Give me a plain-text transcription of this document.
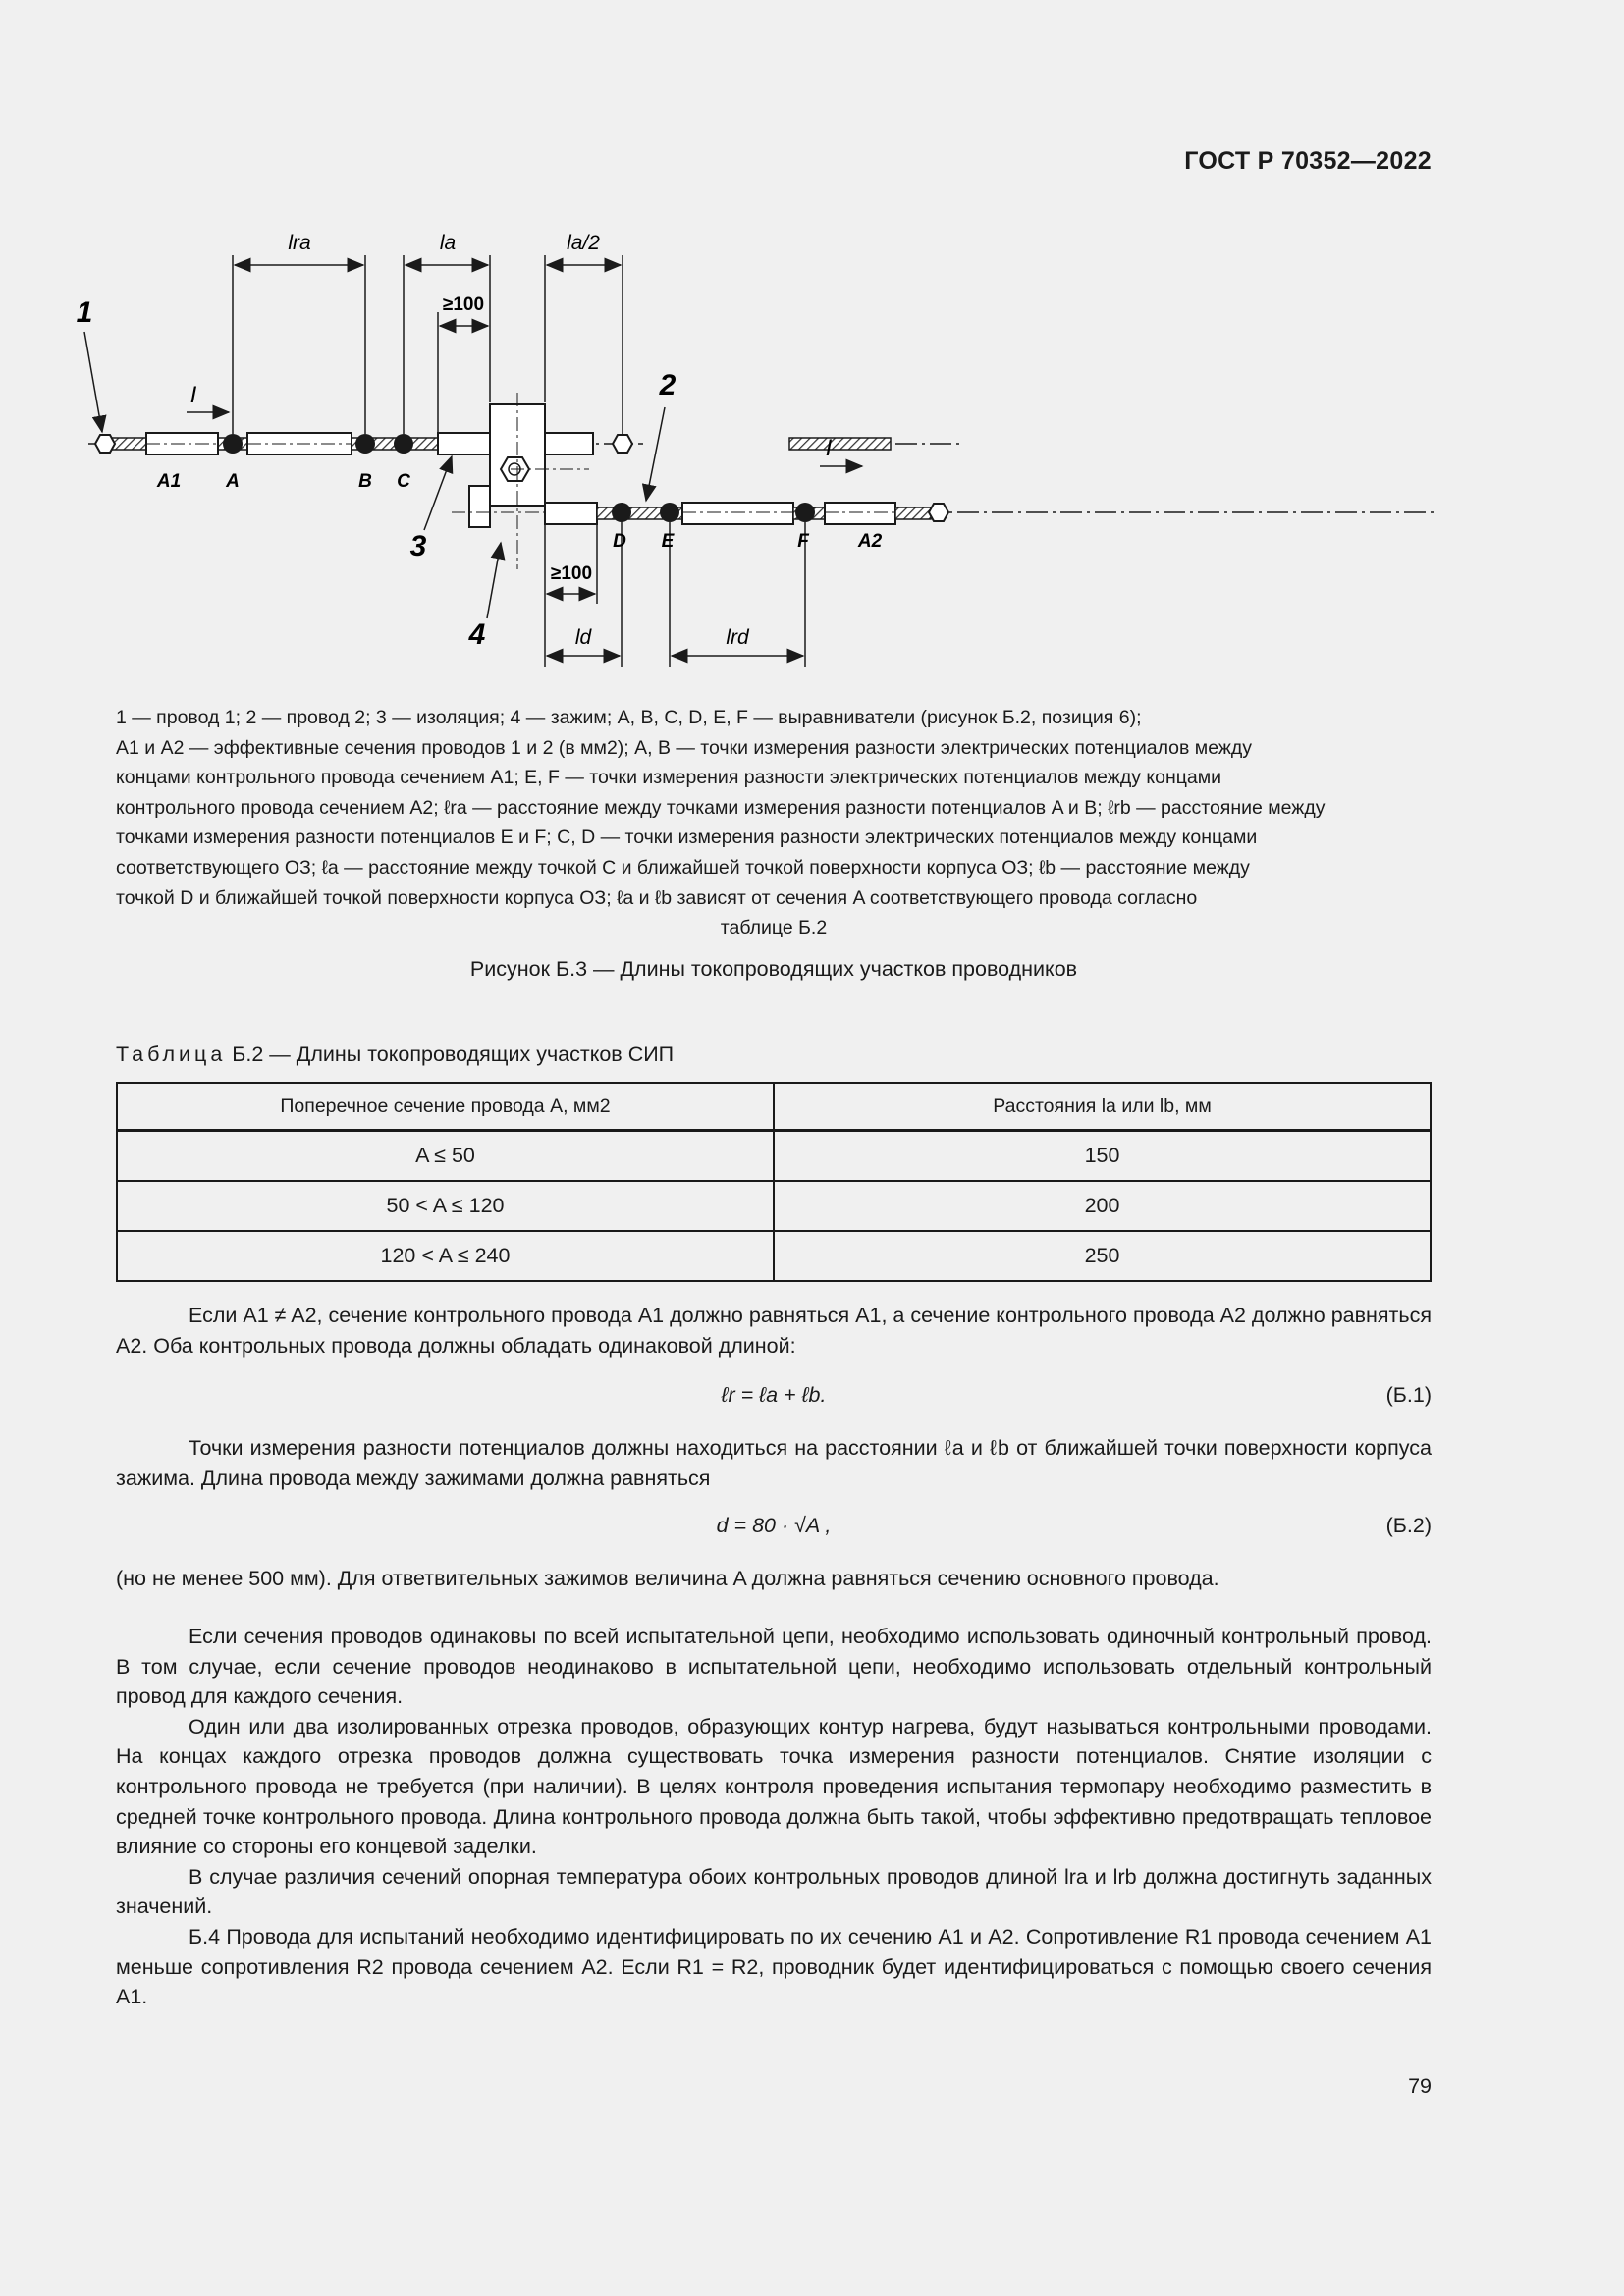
ГОСТ Р 70352—2022
lra	la	la/2
≥100
≥100
ld	lrd
A1 A	B C
D E	F	A2
I
I
1
2
3
4
1 — провод 1; 2 — провод 2; 3 — изоляция; 4 — зажим; A, B, C, D, E, F — выравниватели (рисунок Б.2, позиция 6);
A1 и A2 — эффективные сечения проводов 1 и 2 (в мм2); A, B — точки измерения разности электрических потенциалов между
концами контрольного провода сечением A1; E, F — точки измерения разности электрических потенциалов между концами
контрольного провода сечением A2; ℓra — расстояние между точками измерения разности потенциалов A и B; ℓrb — расстояние между
точками измерения разности потенциалов E и F; C, D — точки измерения разности электрических потенциалов между концами
соответствующего ОЗ; ℓa — расстояние между точкой C и ближайшей точкой поверхности корпуса ОЗ; ℓb — расстояние между
точкой D и ближайшей точкой поверхности корпуса ОЗ; ℓa и ℓb зависят от сечения A соответствующего провода согласно
таблице Б.2
Рисунок Б.3 — Длины токопроводящих участков проводников
Таблица Б.2 — Длины токопроводящих участков СИП
Поперечное сечение провода A, мм2	Расстояния la или lb, мм
A ≤ 50	150
50 < A ≤ 120	200
120 < A ≤ 240	250

Если A1 ≠ A2, сечение контрольного провода A1 должно равняться A1, а сечение контрольного провода A2 должно равняться A2. Оба контрольных провода должны обладать одинаковой длиной:

ℓr = ℓa + ℓb.	(Б.1)

Точки измерения разности потенциалов должны находиться на расстоянии ℓa и ℓb от ближайшей точки поверхности корпуса зажима. Длина провода между зажимами должна равняться

d = 80 · √A ,	(Б.2)

(но не менее 500 мм). Для ответвительных зажимов величина A должна равняться сечению основного провода.

Если сечения проводов одинаковы по всей испытательной цепи, необходимо использовать одиночный контрольный провод. В том случае, если сечение проводов неодинаково в испытательной цепи, необходимо использовать отдельный контрольный провод для каждого сечения.

Один или два изолированных отрезка проводов, образующих контур нагрева, будут называться контрольными проводами. На концах каждого отрезка проводов должна существовать точка измерения разности потенциалов. Снятие изоляции с контрольного провода не требуется (при наличии). В целях контроля проведения испытания термопару необходимо разместить в средней точке контрольного провода. Длина контрольного провода должна быть такой, чтобы эффективно предотвращать тепловое влияние со стороны его концевой заделки.

В случае различия сечений опорная температура обоих контрольных проводов длиной lra и lrb должна достигнуть заданных значений.

Б.4 Провода для испытаний необходимо идентифицировать по их сечению A1 и A2. Сопротивление R1 провода сечением A1 меньше сопротивления R2 провода сечением A2. Если R1 = R2, проводник будет идентифицироваться с помощью своего сечения A1.

79
